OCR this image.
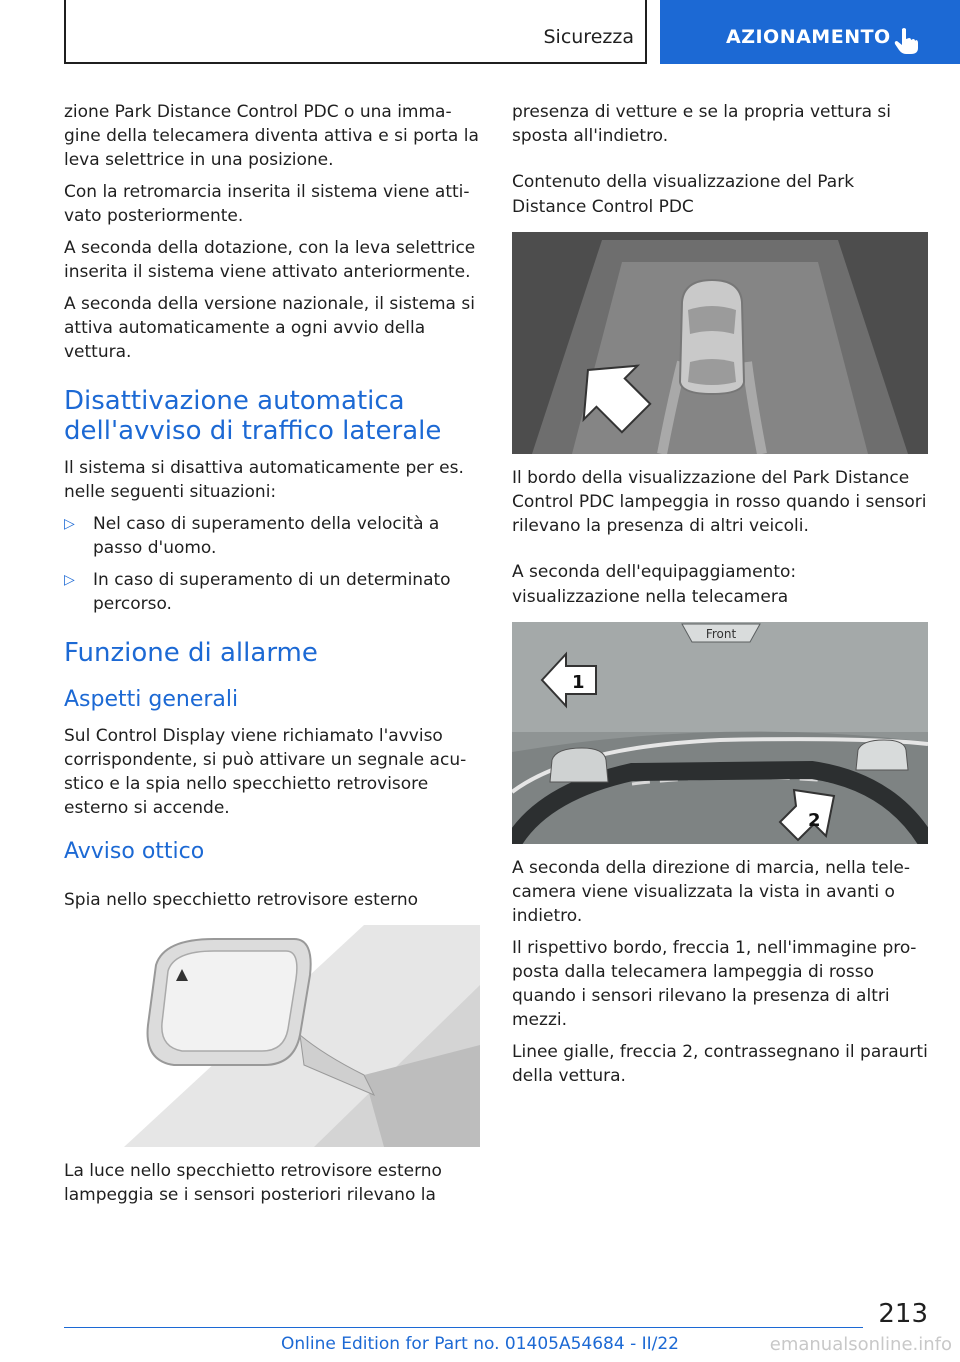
Sicurezza	AZIONAMENTO

zione Park Distance Control PDC o una immagine della telecamera diventa attiva e si porta la leva selettrice in una posizione.

Con la retromarcia inserita il sistema viene attivato posteriormente.

A seconda della dotazione, con la leva selettrice inserita il sistema viene attivato anteriormente.

A seconda della versione nazionale, il sistema si attiva automaticamente a ogni avvio della vettura.

Disattivazione automatica dell'avviso di traffico laterale

Il sistema si disattiva automaticamente per es. nelle seguenti situazioni:

▷ Nel caso di superamento della velocità a passo d'uomo.
▷ In caso di superamento di un determinato percorso.
Funzione di allarme
Aspetti generali

Sul Control Display viene richiamato l'avviso corrispondente, si può attivare un segnale acustico e la spia nello specchietto retrovisore esterno si accende.

Avviso ottico
Spia nello specchietto retrovisore esterno

La luce nello specchietto retrovisore esterno lampeggia se i sensori posteriori rilevano la

presenza di vetture e se la propria vettura si sposta all'indietro.

Contenuto della visualizzazione del Park Distance Control PDC

Il bordo della visualizzazione del Park Distance Control PDC lampeggia in rosso quando i sensori rilevano la presenza di altri veicoli.

A seconda dell'equipaggiamento: visualizzazione nella telecamera
Front
1
2

A seconda della direzione di marcia, nella telecamera viene visualizzata la vista in avanti o indietro.

Il rispettivo bordo, freccia 1, nell'immagine proposta dalla telecamera lampeggia di rosso quando i sensori rilevano la presenza di altri mezzi.

Linee gialle, freccia 2, contrassegnano il paraurti della vettura.

213
Online Edition for Part no. 01405A54684 - II/22	emanualsonline.info
